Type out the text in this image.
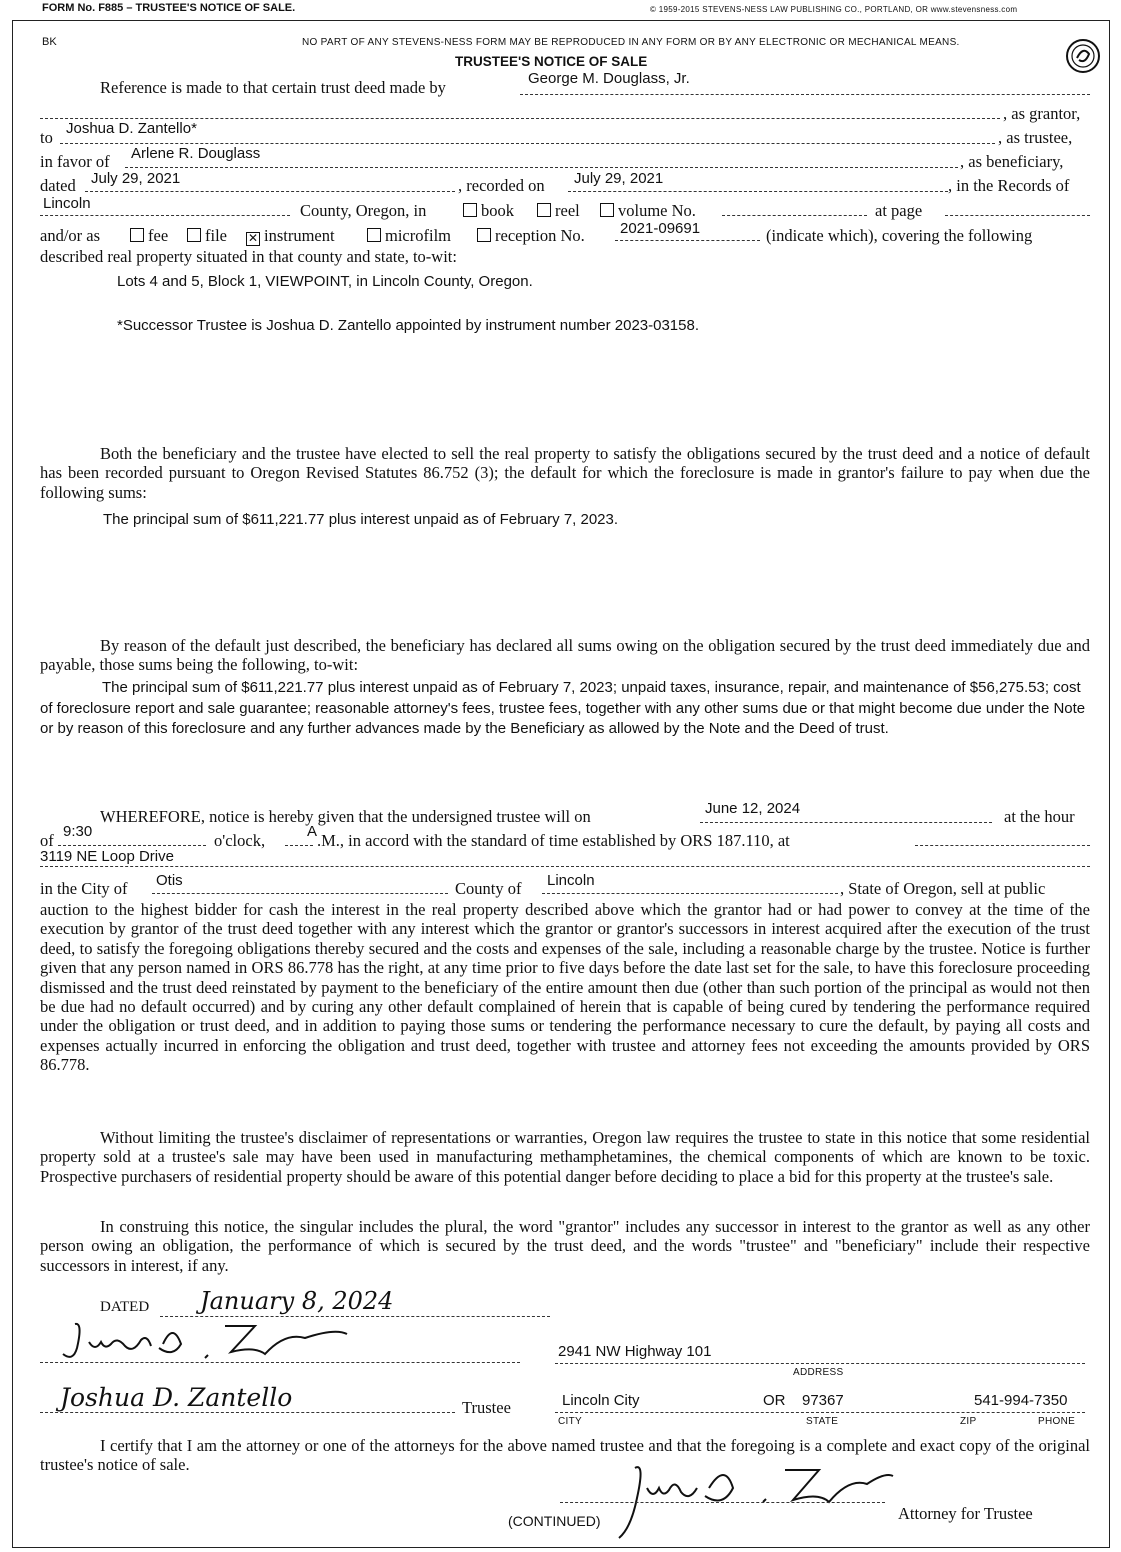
FORM No. F885 – TRUSTEE'S NOTICE OF SALE.	© 1959-2015 STEVENS-NESS LAW PUBLISHING CO., PORTLAND, OR www.stevensness.com
BK	NO PART OF ANY STEVENS-NESS FORM MAY BE REPRODUCED IN ANY FORM OR BY ANY ELECTRONIC OR MECHANICAL MEANS.
TRUSTEE'S NOTICE OF SALE
Reference is made to that certain trust deed made by	George M. Douglass, Jr.
, as grantor,
to Joshua D. Zantello*	, as trustee,
in favor of Arlene R. Douglass	, as beneficiary,
dated July 29, 2021	, recorded on July 29, 2021	, in the Records of
Lincoln	County, Oregon, in	book	reel	volume No.	at page
and/or as	fee	file ✕ instrument	microfilm	reception No. 2021-09691	(indicate which), covering the following
described real property situated in that county and state, to-wit:
Lots 4 and 5, Block 1, VIEWPOINT, in Lincoln County, Oregon.
*Successor Trustee is Joshua D. Zantello appointed by instrument number 2023-03158.
Both the beneficiary and the trustee have elected to sell the real property to satisfy the obligations secured by the trust deed and a notice of default has been recorded pursuant to Oregon Revised Statutes 86.752 (3); the default for which the foreclosure is made in grantor's failure to pay when due the following sums:
The principal sum of $611,221.77 plus interest unpaid as of February 7, 2023.
By reason of the default just described, the beneficiary has declared all sums owing on the obligation secured by the trust deed immediately due and payable, those sums being the following, to-wit:
The principal sum of $611,221.77 plus interest unpaid as of February 7, 2023; unpaid taxes, insurance, repair, and maintenance of $56,275.53; cost of foreclosure report and sale guarantee; reasonable attorney's fees, trustee fees, together with any other sums due or that might become due under the Note or by reason of this foreclosure and any further advances made by the Beneficiary as allowed by the Note and the Deed of trust.
WHEREFORE, notice is hereby given that the undersigned trustee will on	June 12, 2024	at the hour
of 9:30	o'clock,	A .M., in accord with the standard of time established by ORS 187.110, at
3119 NE Loop Drive
in the City of Otis	County of Lincoln	, State of Oregon, sell at public
auction to the highest bidder for cash the interest in the real property described above which the grantor had or had power to convey at the time of the execution by grantor of the trust deed together with any interest which the grantor or grantor's successors in interest acquired after the execution of the trust deed, to satisfy the foregoing obligations thereby secured and the costs and expenses of the sale, including a reasonable charge by the trustee. Notice is further given that any person named in ORS 86.778 has the right, at any time prior to five days before the date last set for the sale, to have this foreclosure proceeding dismissed and the trust deed reinstated by payment to the beneficiary of the entire amount then due (other than such portion of the principal as would not then be due had no default occurred) and by curing any other default complained of herein that is capable of being cured by tendering the performance required under the obligation or trust deed, and in addition to paying those sums or tendering the performance necessary to cure the default, by paying all costs and expenses actually incurred in enforcing the obligation and trust deed, together with trustee and attorney fees not exceeding the amounts provided by ORS 86.778.
Without limiting the trustee's disclaimer of representations or warranties, Oregon law requires the trustee to state in this notice that some residential property sold at a trustee's sale may have been used in manufacturing methamphetamines, the chemical components of which are known to be toxic. Prospective purchasers of residential property should be aware of this potential danger before deciding to place a bid for this property at the trustee's sale.
In construing this notice, the singular includes the plural, the word "grantor" includes any successor in interest to the grantor as well as any other person owing an obligation, the performance of which is secured by the trust deed, and the words "trustee" and "beneficiary" include their respective successors in interest, if any.
DATED January 8, 2024
Joshua D. Zantello	Trustee
2941 NW Highway 101
ADDRESS
Lincoln City	OR 97367	541-994-7350
CITY	STATE	ZIP	PHONE
I certify that I am the attorney or one of the attorneys for the above named trustee and that the foregoing is a complete and exact copy of the original trustee's notice of sale.
(CONTINUED)	Attorney for Trustee
